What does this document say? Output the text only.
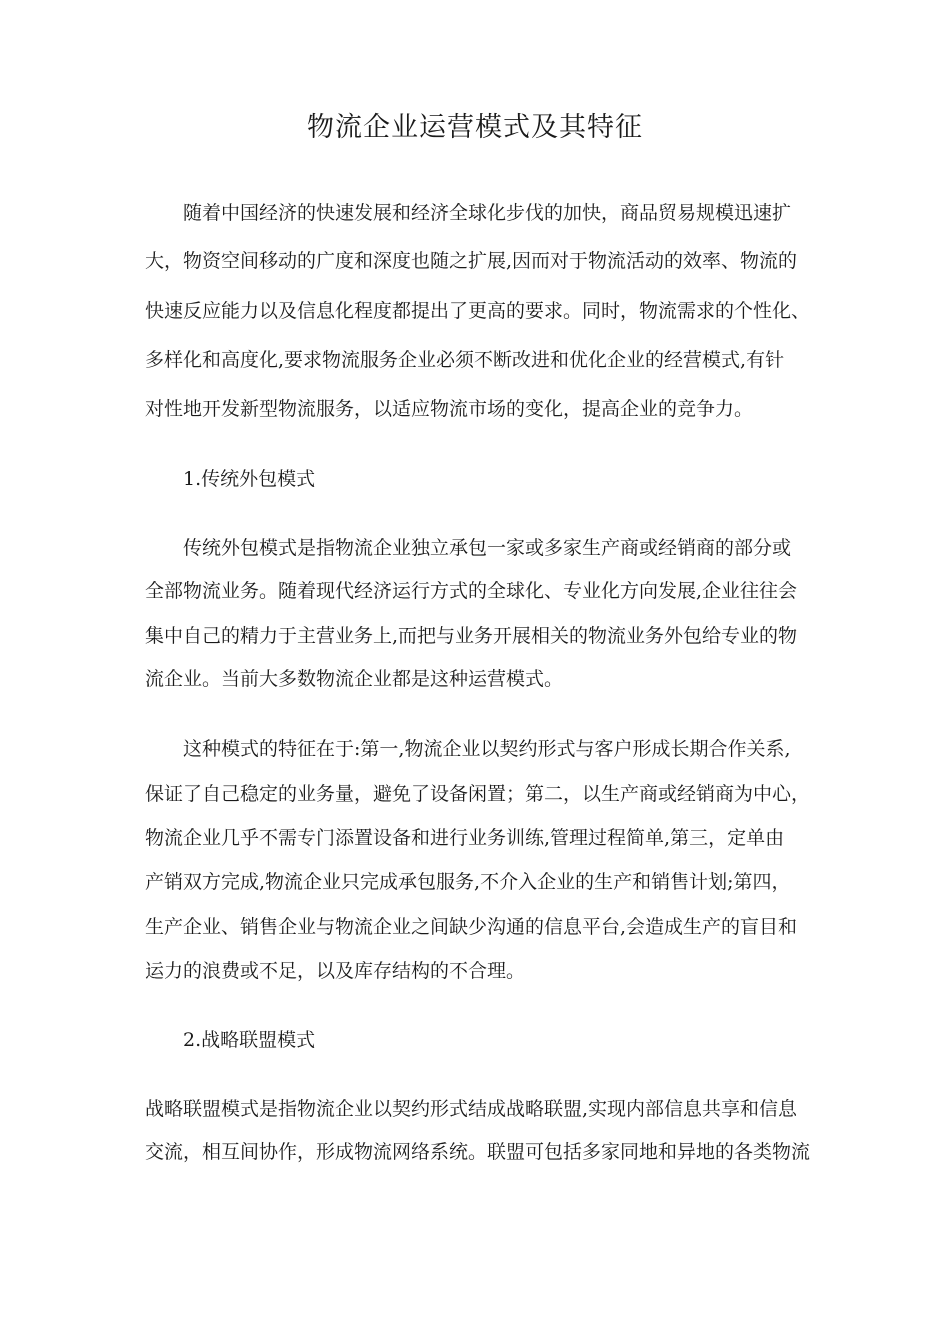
物流企业运营模式及其特征

随着中国经济的快速发展和经济全球化步伐的加快，商品贸易规模迅速扩

大，物资空间移动的广度和深度也随之扩展,因而对于物流活动的效率、物流的

快速反应能力以及信息化程度都提出了更高的要求。同时，物流需求的个性化、

多样化和高度化,要求物流服务企业必须不断改进和优化企业的经营模式,有针

对性地开发新型物流服务，以适应物流市场的变化，提高企业的竞争力。

1.传统外包模式

传统外包模式是指物流企业独立承包一家或多家生产商或经销商的部分或

全部物流业务。随着现代经济运行方式的全球化、专业化方向发展,企业往往会

集中自己的精力于主营业务上,而把与业务开展相关的物流业务外包给专业的物

流企业。当前大多数物流企业都是这种运营模式。

这种模式的特征在于:第一,物流企业以契约形式与客户形成长期合作关系,

保证了自己稳定的业务量，避免了设备闲置；第二，以生产商或经销商为中心，

物流企业几乎不需专门添置设备和进行业务训练,管理过程简单,第三，定单由

产销双方完成,物流企业只完成承包服务,不介入企业的生产和销售计划;第四，

生产企业、销售企业与物流企业之间缺少沟通的信息平台,会造成生产的盲目和

运力的浪费或不足，以及库存结构的不合理。

2.战略联盟模式

战略联盟模式是指物流企业以契约形式结成战略联盟,实现内部信息共享和信息

交流，相互间协作，形成物流网络系统。联盟可包括多家同地和异地的各类物流
